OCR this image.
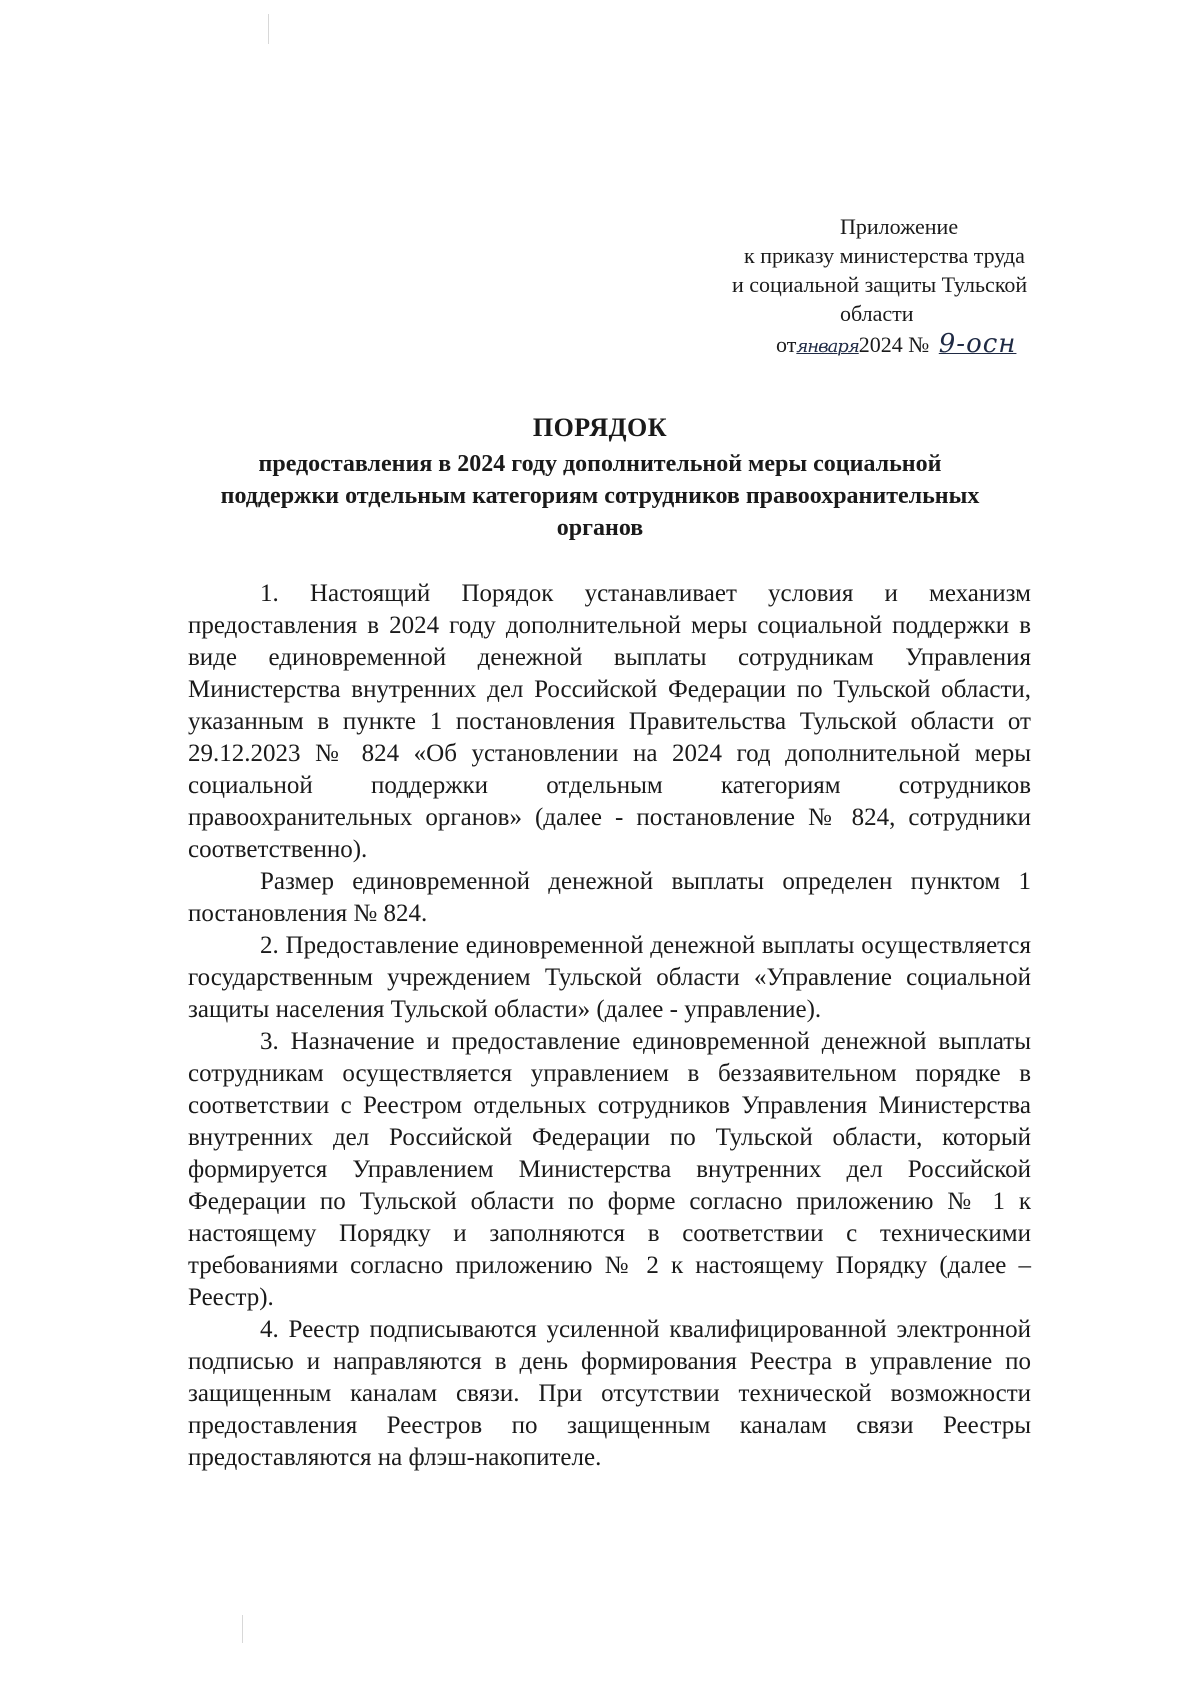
Приложение
к приказу министерства труда
и социальной защиты Тульской
области
отянваря2024 № 9-осн
ПОРЯДОК
предоставления в 2024 году дополнительной меры социальной поддержки отдельным категориям сотрудников правоохранительных органов

1. Настоящий Порядок устанавливает условия и механизм предоставления в 2024 году дополнительной меры социальной поддержки в виде единовременной денежной выплаты сотрудникам Управления Министерства внутренних дел Российской Федерации по Тульской области, указанным в пункте 1 постановления Правительства Тульской области от 29.12.2023 № 824 «Об установлении на 2024 год дополнительной меры социальной поддержки отдельным категориям сотрудников правоохранительных органов» (далее - постановление № 824, сотрудники соответственно).

Размер единовременной денежной выплаты определен пунктом 1 постановления № 824.

2. Предоставление единовременной денежной выплаты осуществляется государственным учреждением Тульской области «Управление социальной защиты населения Тульской области» (далее - управление).

3. Назначение и предоставление единовременной денежной выплаты сотрудникам осуществляется управлением в беззаявительном порядке в соответствии с Реестром отдельных сотрудников Управления Министерства внутренних дел Российской Федерации по Тульской области, который формируется Управлением Министерства внутренних дел Российской Федерации по Тульской области по форме согласно приложению № 1 к настоящему Порядку и заполняются в соответствии с техническими требованиями согласно приложению № 2 к настоящему Порядку (далее – Реестр).

4. Реестр подписываются усиленной квалифицированной электронной подписью и направляются в день формирования Реестра в управление по защищенным каналам связи. При отсутствии технической возможности предоставления Реестров по защищенным каналам связи Реестры предоставляются на флэш-накопителе.
